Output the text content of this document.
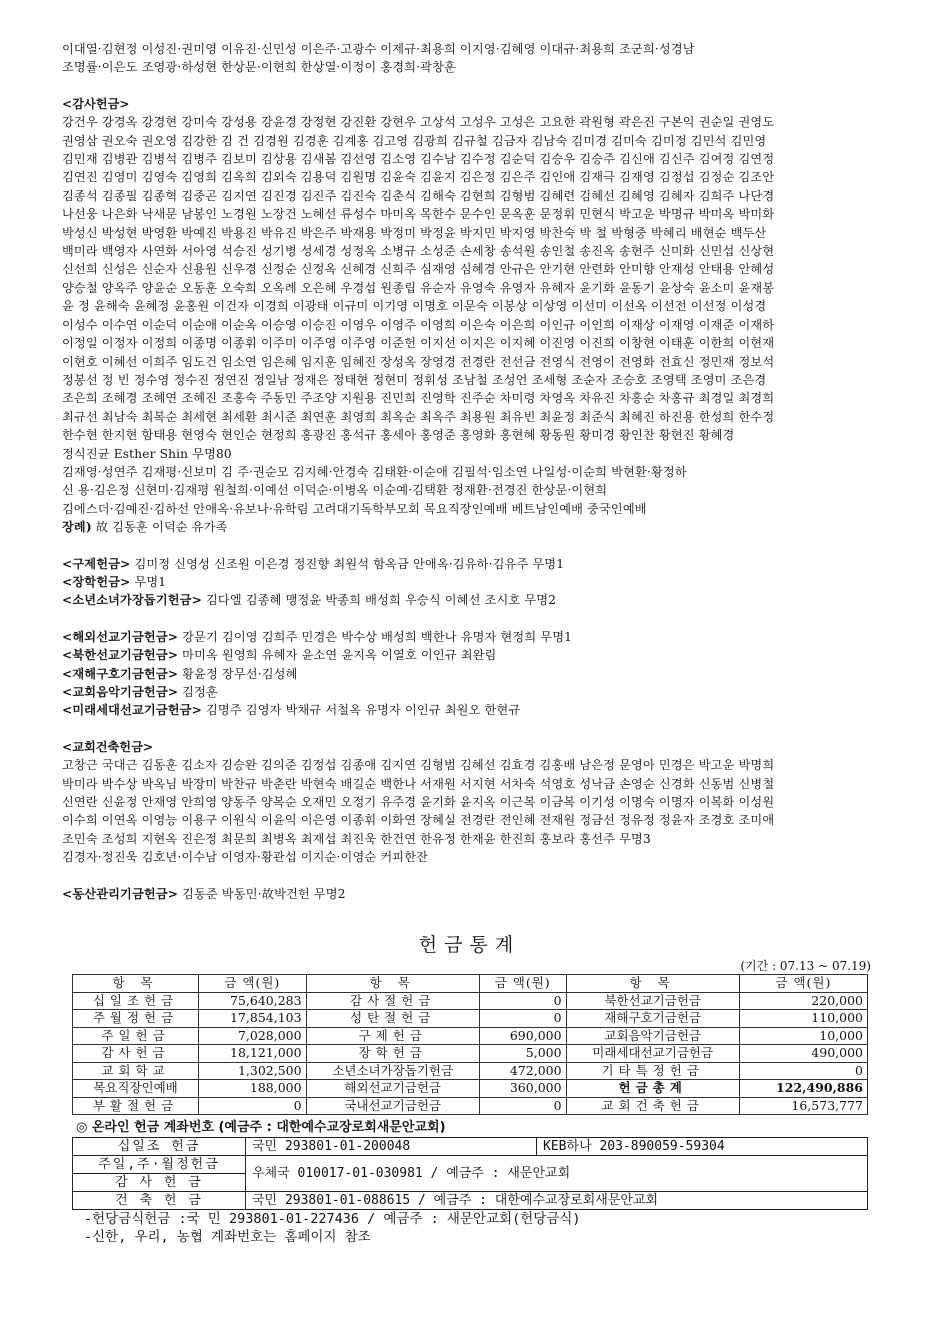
이대열·김현정 이성진·권미영 이유진·신민성 이은주·고광수 이제규·최용희 이지영·김혜영 이대규·최용희 조군희·성경남
조명률·이은도 조영광·하성현 한상문·이현희 한상열·이정이 홍경희·곽창훈
<감사헌금>
강건우 강경옥 강경현 강미숙 강성용 강윤경 강정현 강진환 강현우 고상석 고성우 고성은 고요한 곽원형 곽은진 구본익 권순일 권영도
권영삼 권오숙 권오영 김강한 김 건 김경원 김경훈 김계홍 김고영 김광희 김규철 김금자 김남숙 김미경 김미숙 김미정 김민석 김민영
김민재 김병관 김병석 김병주 김보미 김상용 김새봄 김선영 김소영 김수남 김수정 김순덕 김승우 김승주 김신애 김신주 김여정 김연정
김연진 김영미 김영숙 김영희 김옥희 김외숙 김용덕 김원명 김윤숙 김윤지 김은정 김은주 김인애 김재극 김재영 김정섭 김정순 김조안
김종석 김종필 김종혁 김중곤 김지연 김진경 김진주 김진숙 김춘식 김해숙 김현희 김형범 김혜련 김혜선 김혜영 김혜자 김희주 나단경
나선웅 나은화 낙새문 남봉인 노경원 노장건 노혜선 류성수 마미옥 목한수 문수인 문옥훈 문정휘 민현식 박고운 박명규 박미옥 박미화
박성신 박성현 박영환 박예진 박용진 박유진 박은주 박재용 박정미 박정윤 박지민 박지영 박찬숙 박 철 박형중 박혜리 배현순 백두산
백미라 백영자 사연화 서아영 석승진 성기병 성세경 성정옥 소병규 소성준 손세창 송석원 송인철 송진옥 송현주 신미화 신민섭 신상현
신선희 신성은 신순자 신용원 신우경 신정순 신정옥 신혜경 신희주 심재영 심혜경 안규은 안기현 안련화 안미향 안재성 안태용 안혜성
양승철 양옥주 양윤순 오동훈 오숙희 오옥례 오은혜 우경섭 원종립 유순자 유영숙 유영자 유혜자 윤기화 윤동기 윤상숙 윤소미 윤재봉
윤 정 윤해숙 윤혜정 윤홍원 이건자 이경희 이광태 이규미 이기영 이명호 이문숙 이봉상 이상영 이선미 이선옥 이선전 이선정 이성경
이성수 이수연 이순덕 이순애 이순옥 이승영 이승진 이영우 이영주 이영희 이은숙 이은희 이인규 이인희 이재상 이재영 이재준 이재하
이정일 이정자 이정희 이종명 이종휘 이주미 이주영 이주영 이준헌 이지선 이지은 이지혜 이진영 이진희 이창현 이태훈 이한희 이현재
이현호 이혜선 이희주 임도건 임소연 임은혜 임지훈 임혜진 장성옥 장영경 전경란 전선금 전영식 전영이 전영화 전효신 정민재 정보석
정봉선 정 빈 정수영 정수진 정연진 정일남 정재은 정태현 정현미 정휘성 조남철 조성언 조세형 조순자 조승호 조영택 조영미 조은경
조은희 조혜경 조혜연 조혜진 조홍숙 주동민 주조양 지원용 진민희 진영학 진주순 차미령 차영옥 차유진 차홍순 차홍규 최경일 최경희
최규선 최남숙 최복순 최세현 최세환 최시준 최연훈 최영희 최옥순 최옥주 최용원 최유빈 최윤정 최준식 최혜진 하진용 한성희 한수정
한수현 한지현 함태용 현영숙 현인순 현정희 홍광진 홍석규 홍세아 홍영준 홍영화 홍현혜 황동원 황미경 황인찬 황현진 황혜경
정식진균 Esther Shin 무명80
김재영·성연주 김재평·신보미 김 주·권순모 김지혜·안경숙 김태환·이순애 김필석·임소연 나일성·이순희 박현환·황정하
신 용·김은정 신현미·김재평 원철희·이예선 이덕순·이병옥 이순예·김택환 정재환·전경진 한상문·이현희
김에스더·김예진·김하선 안애옥·유보나·유학림 고려대기독학부모회 목요직장인예배 베트남인예배 중국인예배
장례) 故 김동훈 이덕순 유가족
<구제헌금> 김미정 신영성 신조원 이은경 정진향 최원석 함옥금 안애옥·김유하·김유주 무명1
<장학헌금> 무명1
<소년소녀가장돕기헌금> 김다엘 김종혜 맹정윤 박종희 배성희 우승식 이혜선 조시호 무명2
<해외선교기금헌금> 강문기 김이영 김희주 민경은 박수상 배성희 백한나 유명자 현정희 무명1
<북한선교기금헌금> 마미옥 원영희 유혜자 윤소연 윤지옥 이열호 이인규 최완림
<재해구호기금헌금> 황윤정 장무선·김성혜
<교회음악기금헌금> 김정훈
<미래세대선교기금헌금> 김명주 김영자 박채규 서철옥 유명자 이인규 최원오 한현규
<교회건축헌금>
고창근 국대근 김동훈 김소자 김승완 김의준 김정섭 김종애 김지연 김형범 김혜선 김효경 김홍배 남은정 문영아 민경은 박고운 박명희
박미라 박수상 박옥님 박장미 박찬규 박춘란 박현숙 배길순 백한나 서재원 서지현 서차숙 석영호 성낙금 손영순 신경화 신동범 신병철
신연란 신윤정 안재영 안희영 양동주 양복순 오재민 오정기 유주경 윤기화 윤지옥 이근복 이금복 이기성 이명숙 이명자 이복화 이성원
이수희 이연옥 이영능 이용구 이원식 이윤익 이은영 이종휘 이화연 장혜실 전경란 전인혜 전재원 정금선 정유정 정윤자 조경호 조미애
조민숙 조성희 지현옥 진은정 최문희 최병옥 최재섭 최진욱 한건연 한유정 한재윤 한진희 홍보라 홍선주 무명3
김경자·정진욱 김호년·이수남 이영자·황관섭 이지순·이영순 커피한잔
<동산관리기금헌금> 김동준 박동민·故박건헌 무명2
헌금통계
(기간 : 07.13 ~ 07.19)
항 목	금 액(원)	항 목	금 액(원)	항 목	금 액(원)
십일조헌금	75,640,283	감사절헌금	0	북한선교기금헌금	220,000
주월정헌금	17,854,103	성탄절헌금	0	재해구호기금헌금	110,000
주일헌금	7,028,000	구제헌금	690,000	교회음악기금헌금	10,000
감사헌금	18,121,000	장학헌금	5,000	미래세대선교기금헌금	490,000
교회학교	1,302,500	소년소녀가장돕기헌금	472,000	기타특정헌금	0
목요직장인예배	188,000	해외선교기금헌금	360,000	헌금총계	122,490,886
부활절헌금	0	국내선교기금헌금	0	교회건축헌금	16,573,777
◎ 온라인 헌금 계좌번호 (예금주 : 대한예수교장로회새문안교회)
십일조 헌금	국민 293801-01-200048	KEB하나 203-890059-59304
주일,주·월정헌금	우체국 010017-01-030981 / 예금주 : 새문안교회	
감 사 헌 금		
건 축 헌 금	국민 293801-01-088615 / 예금주 : 대한예수교장로회새문안교회	
-헌당금식헌금 :국 민 293801-01-227436 / 예금주 : 새문안교회(헌당금식)
-신한, 우리, 농협 계좌번호는 홈페이지 참조
